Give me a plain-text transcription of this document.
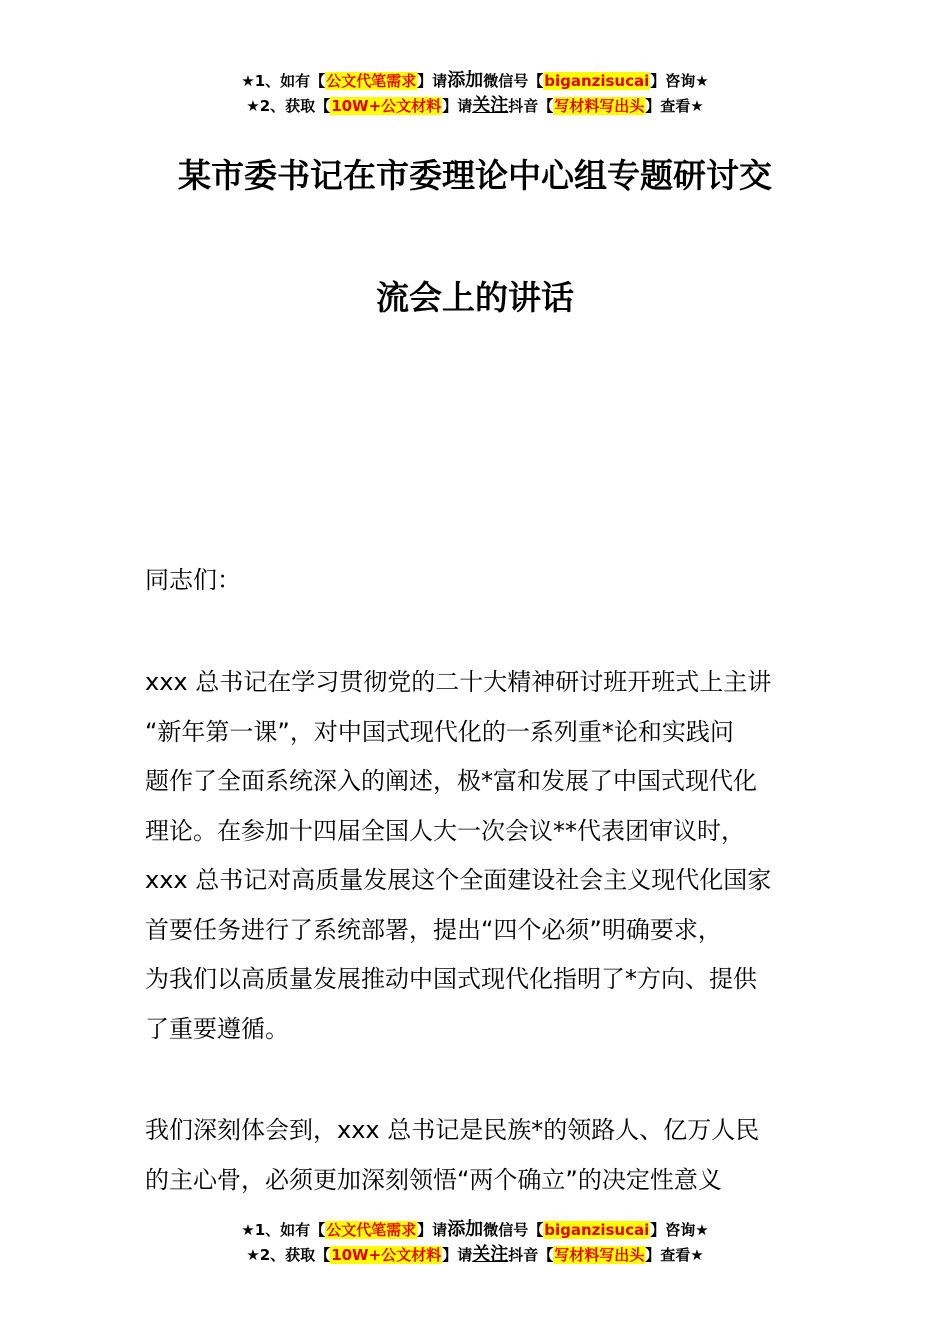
★1、如有【公文代笔需求】请添加微信号【biganzisucai】咨询★
★2、获取【10W+公文材料】请关注抖音【写材料写出头】查看★
某市委书记在市委理论中心组专题研讨交
流会上的讲话
同志们：

xxx 总书记在学习贯彻党的二十大精神研讨班开班式上主讲

“新年第一课”，对中国式现代化的一系列重*论和实践问

题作了全面系统深入的阐述，极*富和发展了中国式现代化

理论。在参加十四届全国人大一次会议**代表团审议时，

xxx 总书记对高质量发展这个全面建设社会主义现代化国家

首要任务进行了系统部署，提出“四个必须”明确要求，

为我们以高质量发展推动中国式现代化指明了*方向、提供

了重要遵循。

我们深刻体会到，xxx 总书记是民族*的领路人、亿万人民

的主心骨，必须更加深刻领悟“两个确立”的决定性意义

★1、如有【公文代笔需求】请添加微信号【biganzisucai】咨询★
★2、获取【10W+公文材料】请关注抖音【写材料写出头】查看★
